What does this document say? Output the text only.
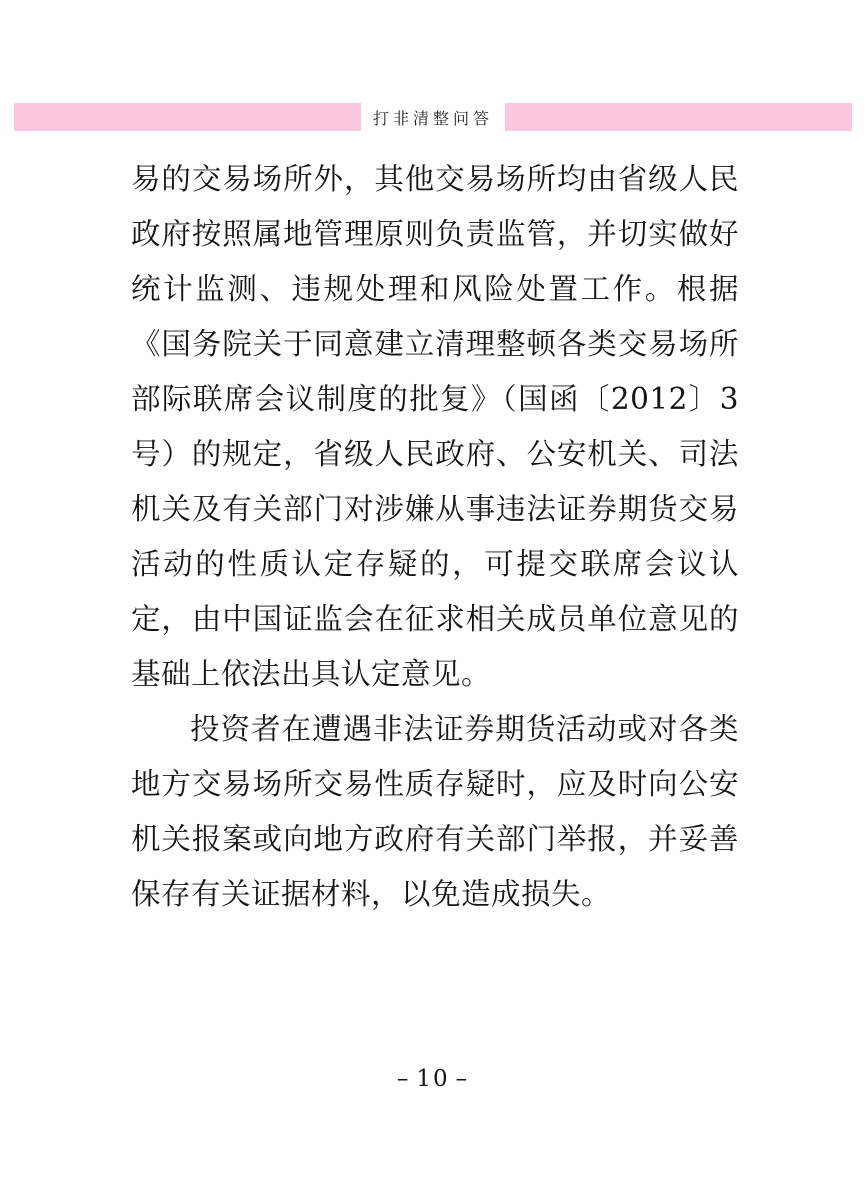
打非清整问答

易的交易场所外，其他交易场所均由省级人民政府按照属地管理原则负责监管，并切实做好统计监测、违规处理和风险处置工作。根据《国务院关于同意建立清理整顿各类交易场所部际联席会议制度的批复》（国函〔2012〕3号）的规定，省级人民政府、公安机关、司法机关及有关部门对涉嫌从事违法证券期货交易活动的性质认定存疑的，可提交联席会议认定，由中国证监会在征求相关成员单位意见的基础上依法出具认定意见。

投资者在遭遇非法证券期货活动或对各类地方交易场所交易性质存疑时，应及时向公安机关报案或向地方政府有关部门举报，并妥善保存有关证据材料，以免造成损失。

– 10 –
